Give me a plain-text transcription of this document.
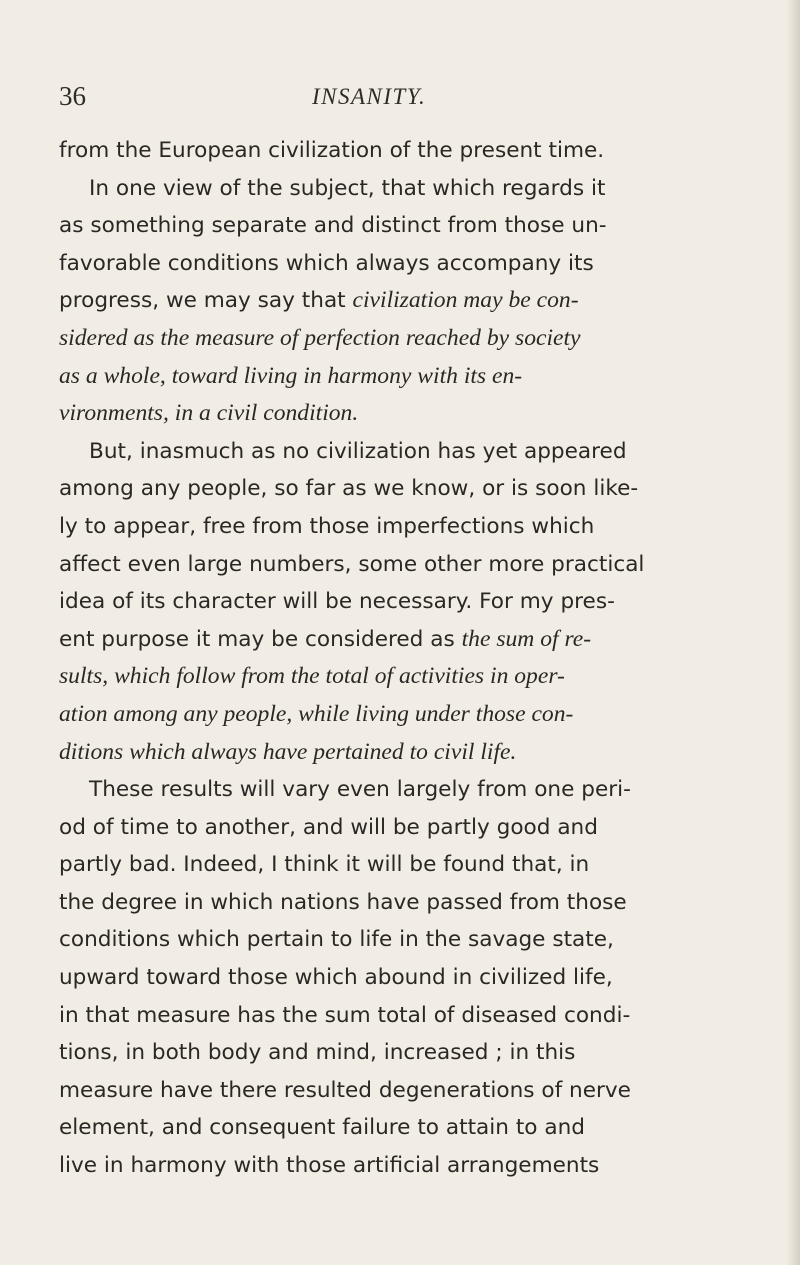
36	INSANITY.
from the European civilization of the present time.
In one view of the subject, that which regards it
as something separate and distinct from those un-
favorable conditions which always accompany its
progress, we may say that civilization may be con-
sidered as the measure of perfection reached by society
as a whole, toward living in harmony with its en-
vironments, in a civil condition.
But, inasmuch as no civilization has yet appeared
among any people, so far as we know, or is soon like-
ly to appear, free from those imperfections which
affect even large numbers, some other more practical
idea of its character will be necessary. For my pres-
ent purpose it may be considered as the sum of re-
sults, which follow from the total of activities in oper-
ation among any people, while living under those con-
ditions which always have pertained to civil life.
These results will vary even largely from one peri-
od of time to another, and will be partly good and
partly bad. Indeed, I think it will be found that, in
the degree in which nations have passed from those
conditions which pertain to life in the savage state,
upward toward those which abound in civilized life,
in that measure has the sum total of diseased condi-
tions, in both body and mind, increased ; in this
measure have there resulted degenerations of nerve
element, and consequent failure to attain to and
live in harmony with those artificial arrangements
